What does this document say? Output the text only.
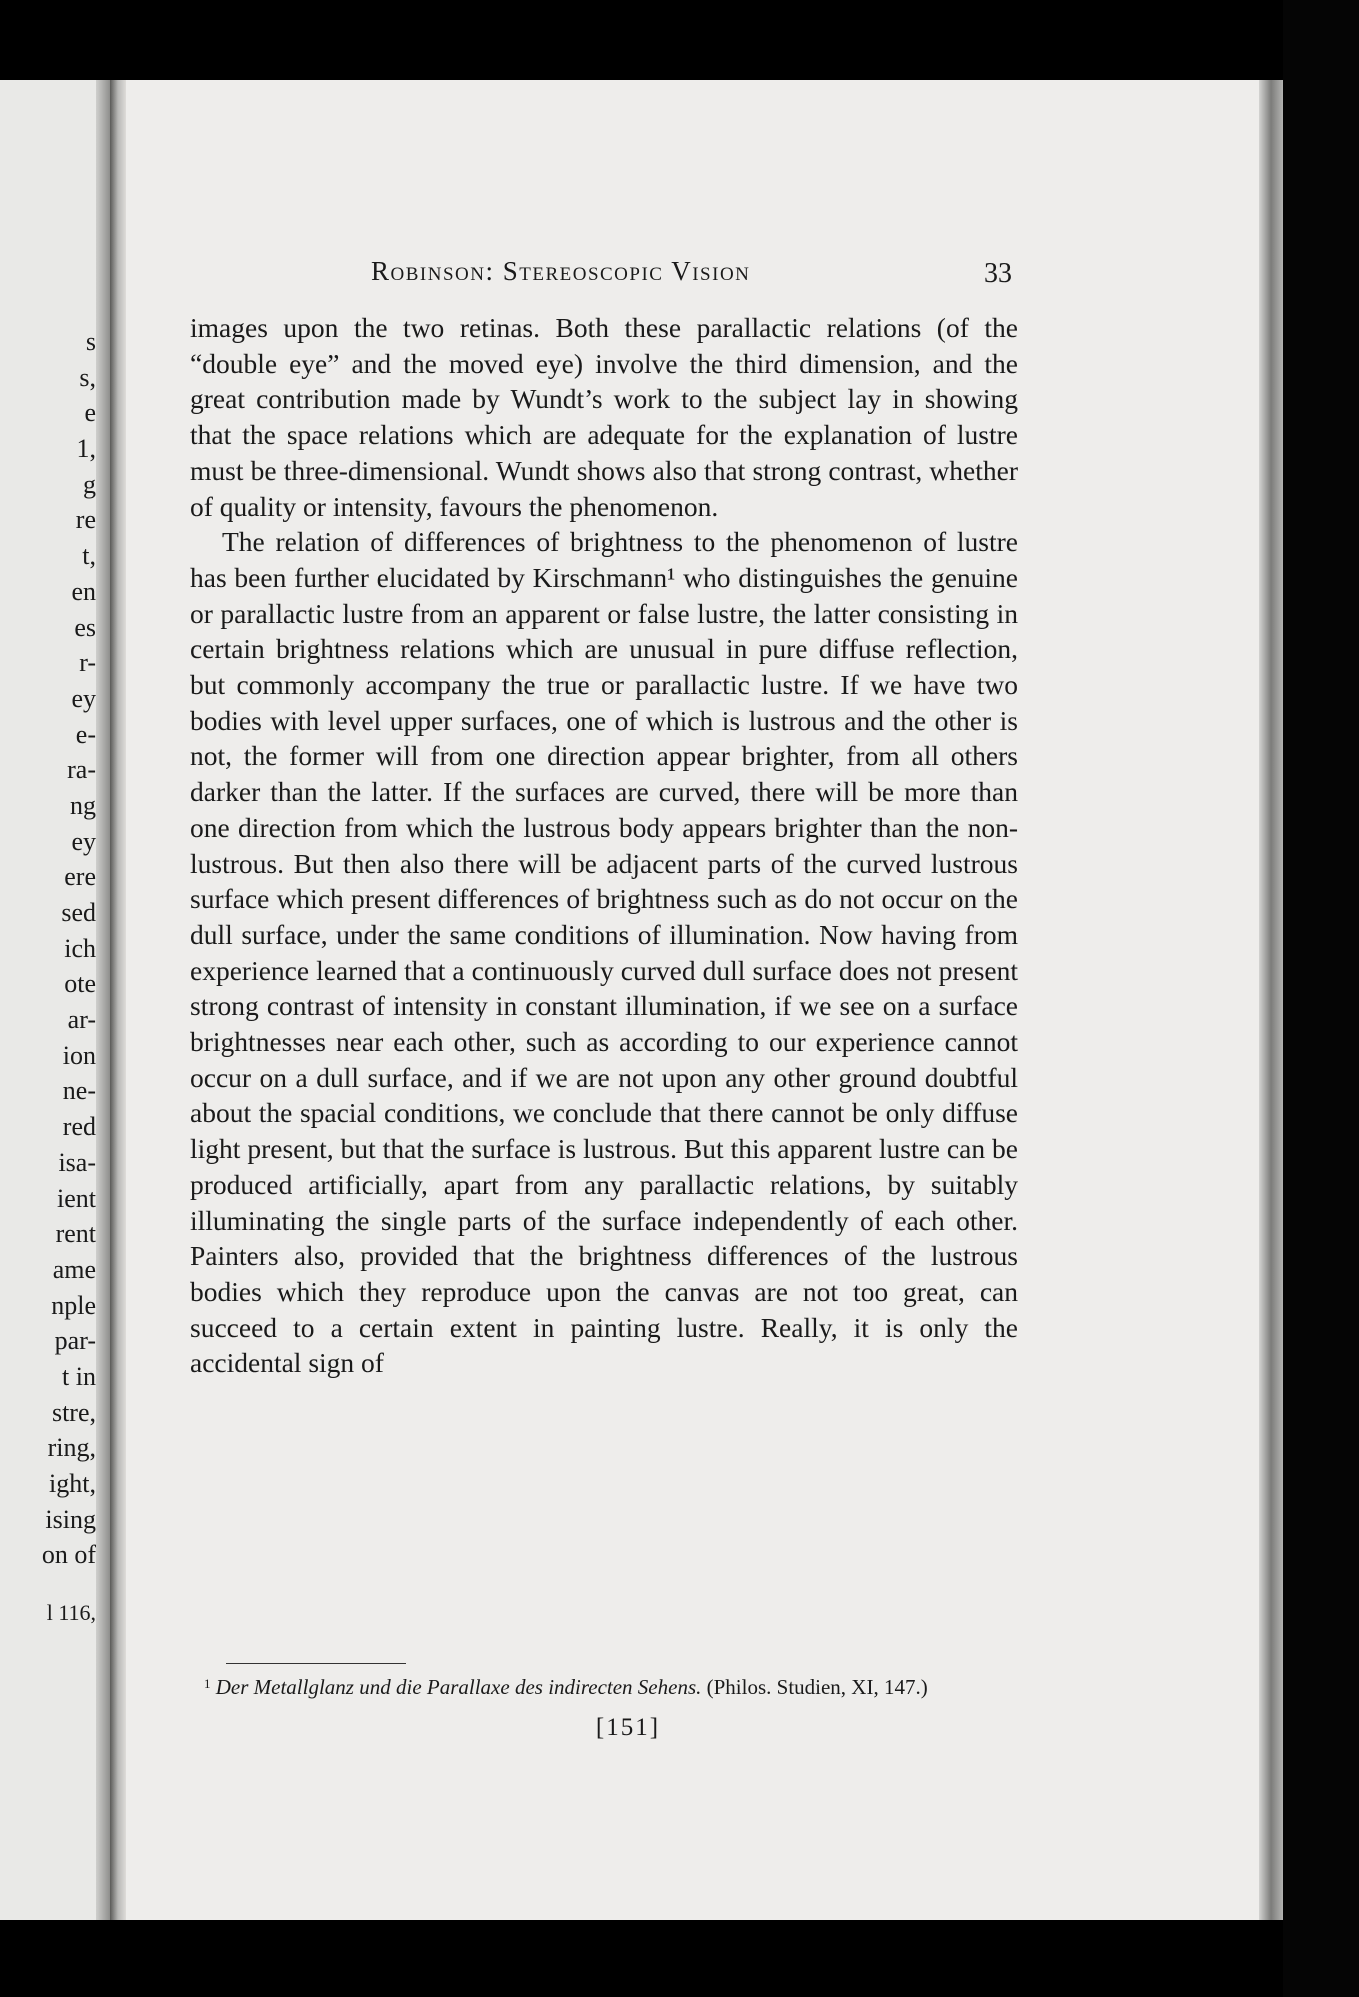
s
s,
e
1,
g
re
t,
en
es
r-
ey
e-
ra-
ng
ey
ere
sed
ich
ote
ar-
ion
ne-
red
isa-
ient
rent
ame
nple
par-
t in
stre,
ring,
ight,
ising
on of
l 116,
Robinson: Stereoscopic Vision	33

images upon the two retinas. Both these parallactic relations (of the “double eye” and the moved eye) involve the third dimension, and the great contribution made by Wundt’s work to the subject lay in showing that the space relations which are adequate for the explanation of lustre must be three-dimensional. Wundt shows also that strong contrast, whether of quality or intensity, favours the phenomenon.

The relation of differences of brightness to the phenomenon of lustre has been further elucidated by Kirschmann¹ who distinguishes the genuine or parallactic lustre from an apparent or false lustre, the latter consisting in certain brightness relations which are unusual in pure diffuse reflection, but commonly accompany the true or parallactic lustre. If we have two bodies with level upper surfaces, one of which is lustrous and the other is not, the former will from one direction appear brighter, from all others darker than the latter. If the surfaces are curved, there will be more than one direction from which the lustrous body appears brighter than the non-lustrous. But then also there will be adjacent parts of the curved lustrous surface which present differences of brightness such as do not occur on the dull surface, under the same conditions of illumination. Now having from experience learned that a continuously curved dull surface does not present strong contrast of intensity in constant illumination, if we see on a surface brightnesses near each other, such as according to our experience cannot occur on a dull surface, and if we are not upon any other ground doubtful about the spacial conditions, we conclude that there cannot be only diffuse light present, but that the surface is lustrous. But this apparent lustre can be produced artificially, apart from any parallactic relations, by suitably illuminating the single parts of the surface independently of each other. Painters also, provided that the brightness differences of the lustrous bodies which they reproduce upon the canvas are not too great, can succeed to a certain extent in painting lustre. Really, it is only the accidental sign of

$^1$ Der Metallglanz und die Parallaxe des indirecten Sehens. (Philos. Studien, XI, 147.)
[151]
